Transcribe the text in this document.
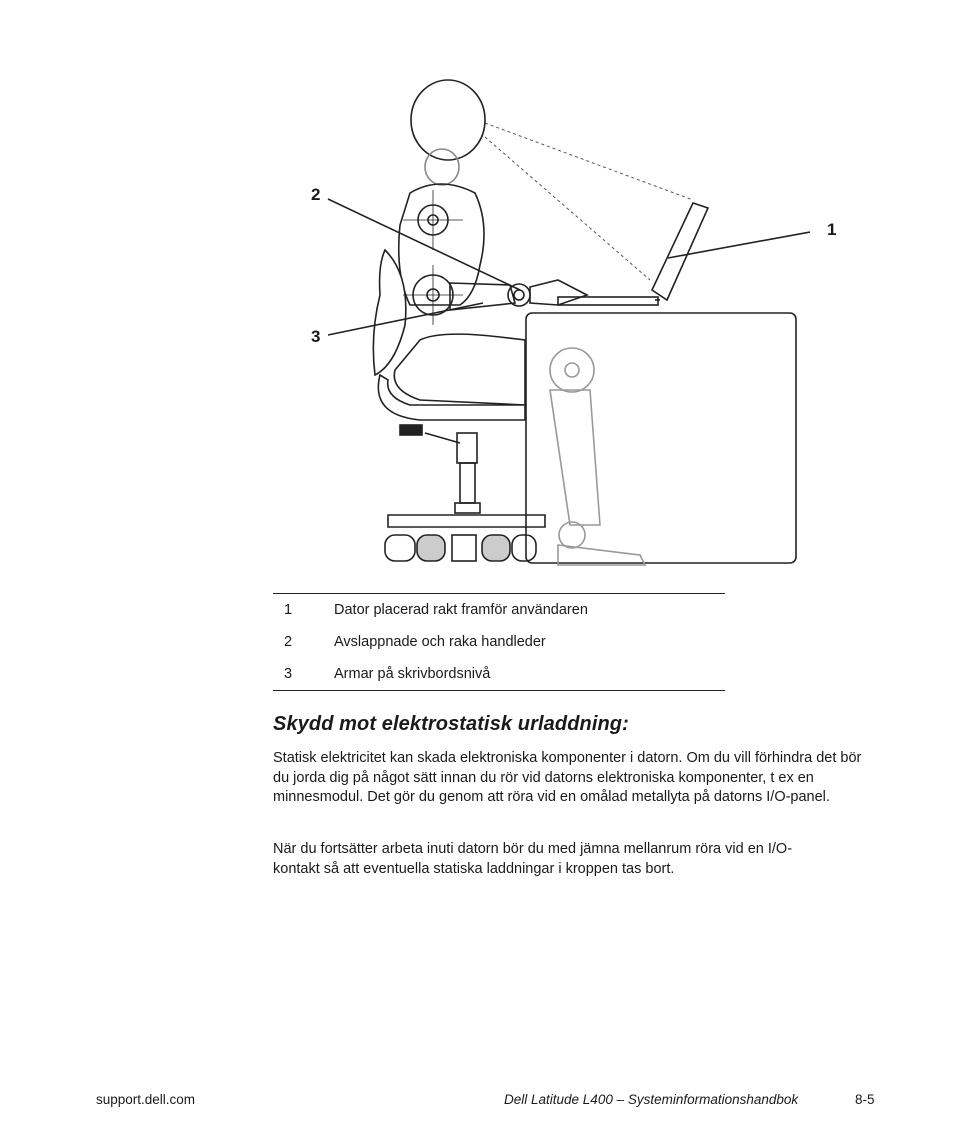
1
2
3
1	Dator placerad rakt framför användaren
2	Avslappnade och raka handleder
3	Armar på skrivbordsnivå
Skydd mot elektrostatisk urladdning:

Statisk elektricitet kan skada elektroniska komponenter i datorn. Om du vill förhindra det bör du jorda dig på något sätt innan du rör vid datorns elektroniska komponenter, t ex en minnesmodul. Det gör du genom att röra vid en omålad metallyta på datorns I/O-panel.

När du fortsätter arbeta inuti datorn bör du med jämna mellanrum röra vid en I/O-kontakt så att eventuella statiska laddningar i kroppen tas bort.

support.dell.com	Dell Latitude L400 – Systeminformationshandbok	8-5
